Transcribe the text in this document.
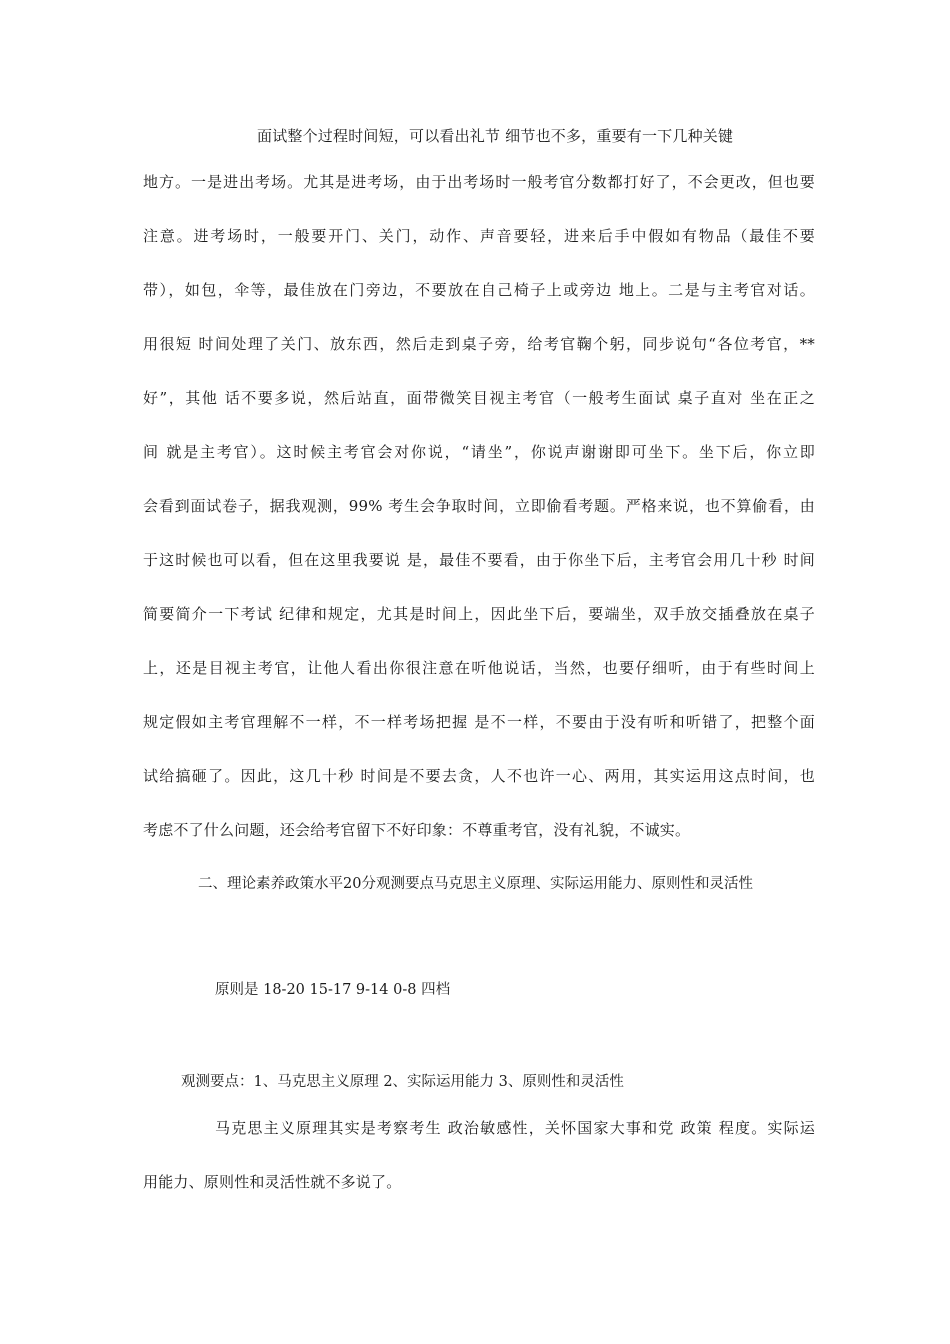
面试整个过程时间短，可以看出礼节 细节也不多，重要有一下几种关键
地方。一是进出考场。尤其是进考场，由于出考场时一般考官分数都打好了，不会更改，但也要
注意。进考场时，一般要开门、关门，动作、声音要轻，进来后手中假如有物品（最佳不要
带），如包，伞等，最佳放在门旁边，不要放在自己椅子上或旁边 地上。二是与主考官对话。
用很短 时间处理了关门、放东西，然后走到桌子旁，给考官鞠个躬，同步说句“各位考官，**
好”，其他 话不要多说，然后站直，面带微笑目视主考官（一般考生面试 桌子直对 坐在正之
间 就是主考官）。这时候主考官会对你说，“请坐”，你说声谢谢即可坐下。坐下后，你立即
会看到面试卷子，据我观测，99% 考生会争取时间，立即偷看考题。严格来说，也不算偷看，由
于这时候也可以看，但在这里我要说 是，最佳不要看，由于你坐下后，主考官会用几十秒 时间
简要简介一下考试 纪律和规定，尤其是时间上，因此坐下后，要端坐，双手放交插叠放在桌子
上，还是目视主考官，让他人看出你很注意在听他说话，当然，也要仔细听，由于有些时间上
规定假如主考官理解不一样，不一样考场把握 是不一样，不要由于没有听和听错了，把整个面
试给搞砸了。因此，这几十秒 时间是不要去贪，人不也许一心、两用，其实运用这点时间，也
考虑不了什么问题，还会给考官留下不好印象：不尊重考官，没有礼貌，不诚实。
二、理论素养政策水平20分观测要点马克思主义原理、实际运用能力、原则性和灵活性
原则是 18-20 15-17 9-14 0-8 四档
观测要点：1、马克思主义原理 2、实际运用能力 3、原则性和灵活性
马克思主义原理其实是考察考生 政治敏感性，关怀国家大事和党 政策 程度。实际运
用能力、原则性和灵活性就不多说了。
